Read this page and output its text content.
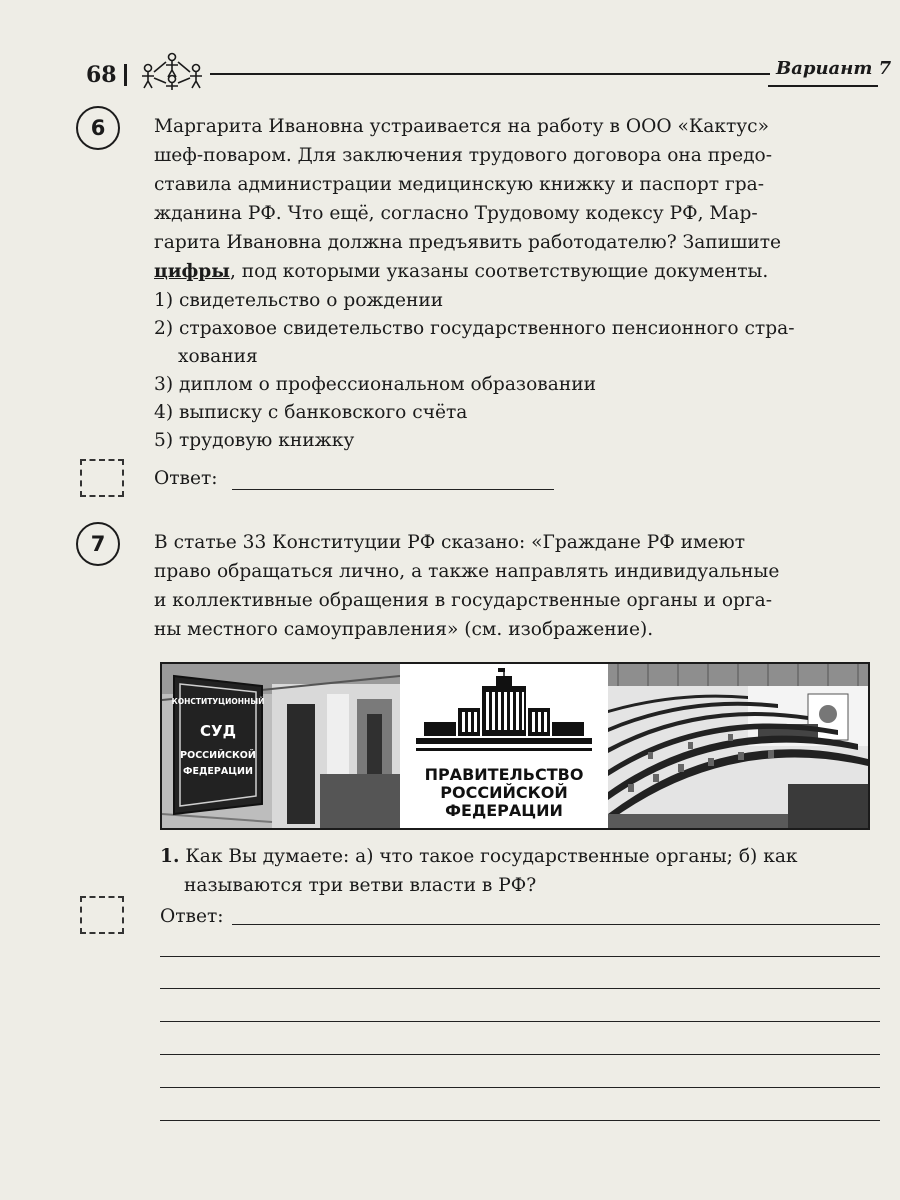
68	Вариант 7
6	Маргарита Ивановна устраивается на работу в ООО «Кактус»
шеф-поваром. Для заключения трудового договора она предо-
ставила администрации медицинскую книжку и паспорт гра-
жданина РФ. Что ещё, согласно Трудовому кодексу РФ, Мар-
гарита Ивановна должна предъявить работодателю? Запишите
цифры, под которыми указаны соответствующие документы.
1) свидетельство о рождении
2) страховое свидетельство государственного пенсионного стра-
хования
3) диплом о профессиональном образовании
4) выписку с банковского счёта
5) трудовую книжку
Ответ:
7	В статье 33 Конституции РФ сказано: «Граждане РФ имеют
право обращаться лично, а также направлять индивидуальные
и коллективные обращения в государственные органы и орга-
ны местного самоуправления» (см. изображение).
КОНСТИТУЦИОННЫЙ
СУД
РОССИЙСКОЙ
ФЕДЕРАЦИИ	ПРАВИТЕЛЬСТВО
РОССИЙСКОЙ
ФЕДЕРАЦИИ
1. Как Вы думаете: а) что такое государственные органы; б) как
называются три ветви власти в РФ?
Ответ:
